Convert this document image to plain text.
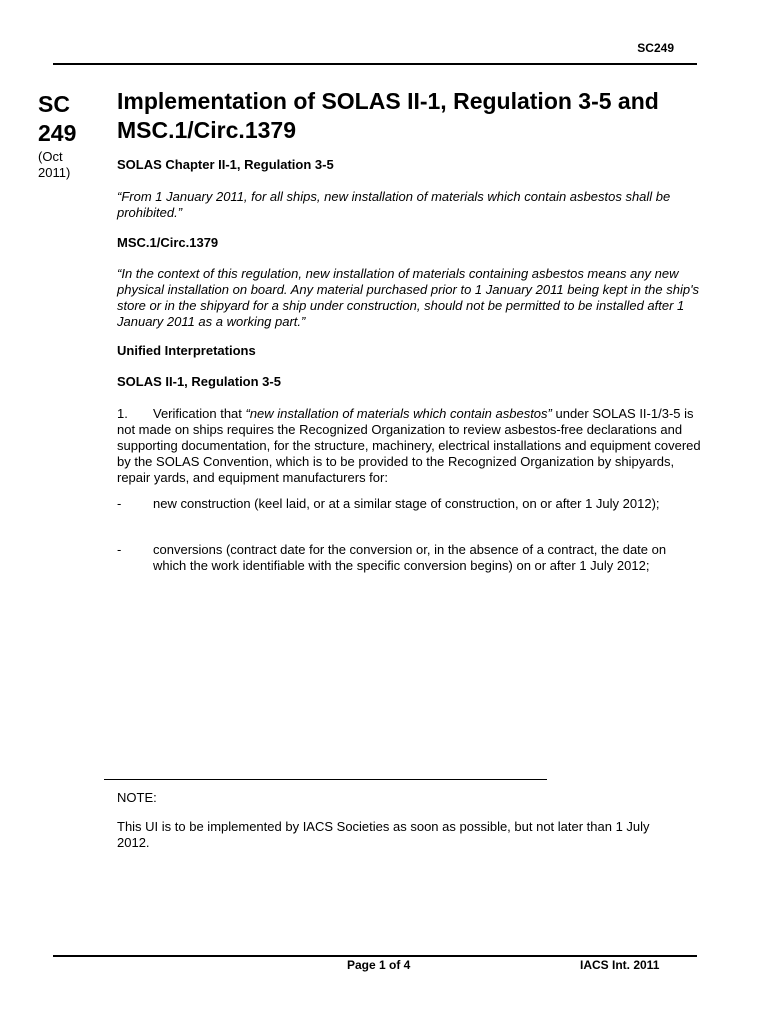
SC249
SC
249
(Oct
2011)
Implementation of SOLAS II-1, Regulation 3-5 and MSC.1/Circ.1379
SOLAS Chapter II-1, Regulation 3-5
“From 1 January 2011, for all ships, new installation of materials which contain asbestos shall be prohibited.”
MSC.1/Circ.1379
“In the context of this regulation, new installation of materials containing asbestos means any new physical installation on board. Any material purchased prior to 1 January 2011 being kept in the ship's store or in the shipyard for a ship under construction, should not be permitted to be installed after 1 January 2011 as a working part.”
Unified Interpretations
SOLAS II-1, Regulation 3-5
1. Verification that “new installation of materials which contain asbestos” under SOLAS II-1/3-5 is not made on ships requires the Recognized Organization to review asbestos-free declarations and supporting documentation, for the structure, machinery, electrical installations and equipment covered by the SOLAS Convention, which is to be provided to the Recognized Organization by shipyards, repair yards, and equipment manufacturers for:
- new construction (keel laid, or at a similar stage of construction, on or after 1 July 2012);
- conversions (contract date for the conversion or, in the absence of a contract, the date on which the work identifiable with the specific conversion begins) on or after 1 July 2012;
NOTE:
This UI is to be implemented by IACS Societies as soon as possible, but not later than 1 July 2012.
Page 1 of 4	IACS Int. 2011
